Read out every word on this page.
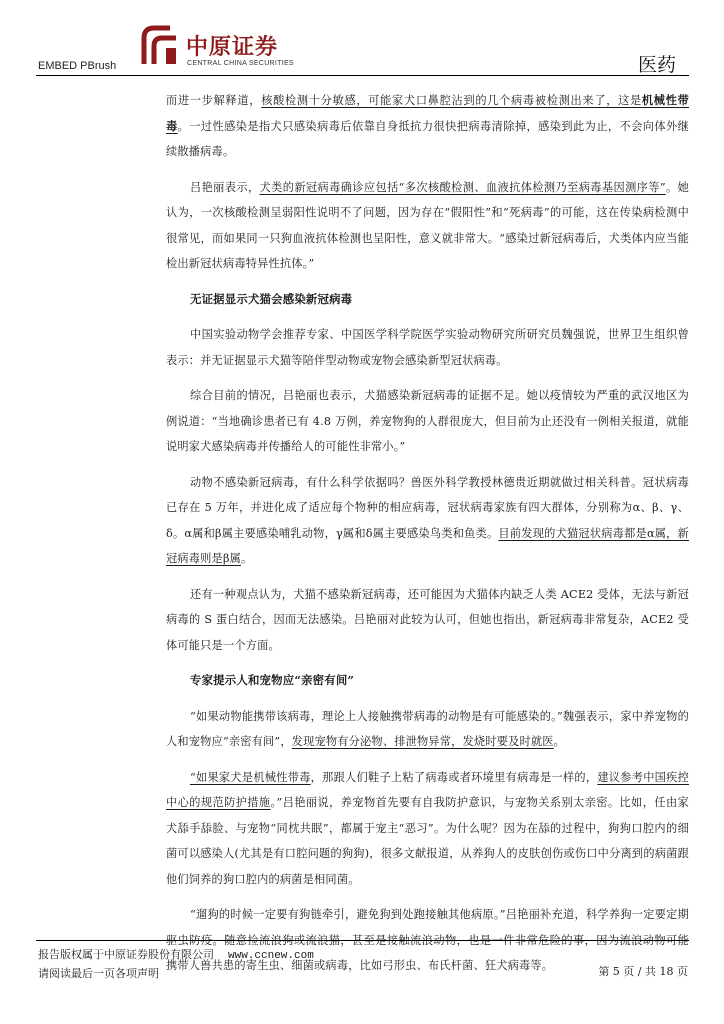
EMBED PBrush
中原证券
CENTRAL CHINA SECURITIES	医药

而进一步解释道，核酸检测十分敏感，可能家犬口鼻腔沾到的几个病毒被检测出来了，这是机械性带毒。一过性感染是指犬只感染病毒后依靠自身抵抗力很快把病毒清除掉，感染到此为止，不会向体外继续散播病毒。

吕艳丽表示，犬类的新冠病毒确诊应包括“多次核酸检测、血液抗体检测乃至病毒基因测序等”。她认为，一次核酸检测呈弱阳性说明不了问题，因为存在“假阳性”和“死病毒”的可能，这在传染病检测中很常见，而如果同一只狗血液抗体检测也呈阳性，意义就非常大。“感染过新冠病毒后，犬类体内应当能检出新冠状病毒特异性抗体。”

无证据显示犬猫会感染新冠病毒

中国实验动物学会推荐专家、中国医学科学院医学实验动物研究所研究员魏强说，世界卫生组织曾表示：并无证据显示犬猫等陪伴型动物或宠物会感染新型冠状病毒。

综合目前的情况，吕艳丽也表示，犬猫感染新冠病毒的证据不足。她以疫情较为严重的武汉地区为例说道：“当地确诊患者已有 4.8 万例，养宠物狗的人群很庞大，但目前为止还没有一例相关报道，就能说明家犬感染病毒并传播给人的可能性非常小。”

动物不感染新冠病毒，有什么科学依据吗？兽医外科学教授林德贵近期就做过相关科普。冠状病毒已存在 5 万年，并进化成了适应每个物种的相应病毒，冠状病毒家族有四大群体，分别称为α、β、γ、δ。α属和β属主要感染哺乳动物，γ属和δ属主要感染鸟类和鱼类。目前发现的犬猫冠状病毒都是α属，新冠病毒则是β属。

还有一种观点认为，犬猫不感染新冠病毒，还可能因为犬猫体内缺乏人类 ACE2 受体，无法与新冠病毒的 S 蛋白结合，因而无法感染。吕艳丽对此较为认可，但她也指出，新冠病毒非常复杂，ACE2 受体可能只是一个方面。

专家提示人和宠物应“亲密有间”

“如果动物能携带该病毒，理论上人接触携带病毒的动物是有可能感染的。”魏强表示，家中养宠物的人和宠物应“亲密有间”，发现宠物有分泌物、排泄物异常，发烧时要及时就医。

“如果家犬是机械性带毒，那跟人们鞋子上粘了病毒或者环境里有病毒是一样的，建议参考中国疾控中心的规范防护措施。”吕艳丽说，养宠物首先要有自我防护意识，与宠物关系别太亲密。比如，任由家犬舔手舔脸、与宠物“同枕共眠”，都属于宠主“恶习”。为什么呢？因为在舔的过程中，狗狗口腔内的细菌可以感染人(尤其是有口腔问题的狗狗)，很多文献报道，从养狗人的皮肤创伤或伤口中分离到的病菌跟他们饲养的狗口腔内的病菌是相同菌。

“遛狗的时候一定要有狗链牵引，避免狗到处跑接触其他病原。”吕艳丽补充道，科学养狗一定要定期驱虫防疫。随意捡流浪狗或流浪猫，甚至是接触流浪动物，也是一件非常危险的事，因为流浪动物可能携带人兽共患的寄生虫、细菌或病毒，比如弓形虫、布氏杆菌、狂犬病毒等。

报告版权属于中原证券股份有限公司 www.ccnew.com
请阅读最后一页各项声明	第 5 页 / 共 18 页
